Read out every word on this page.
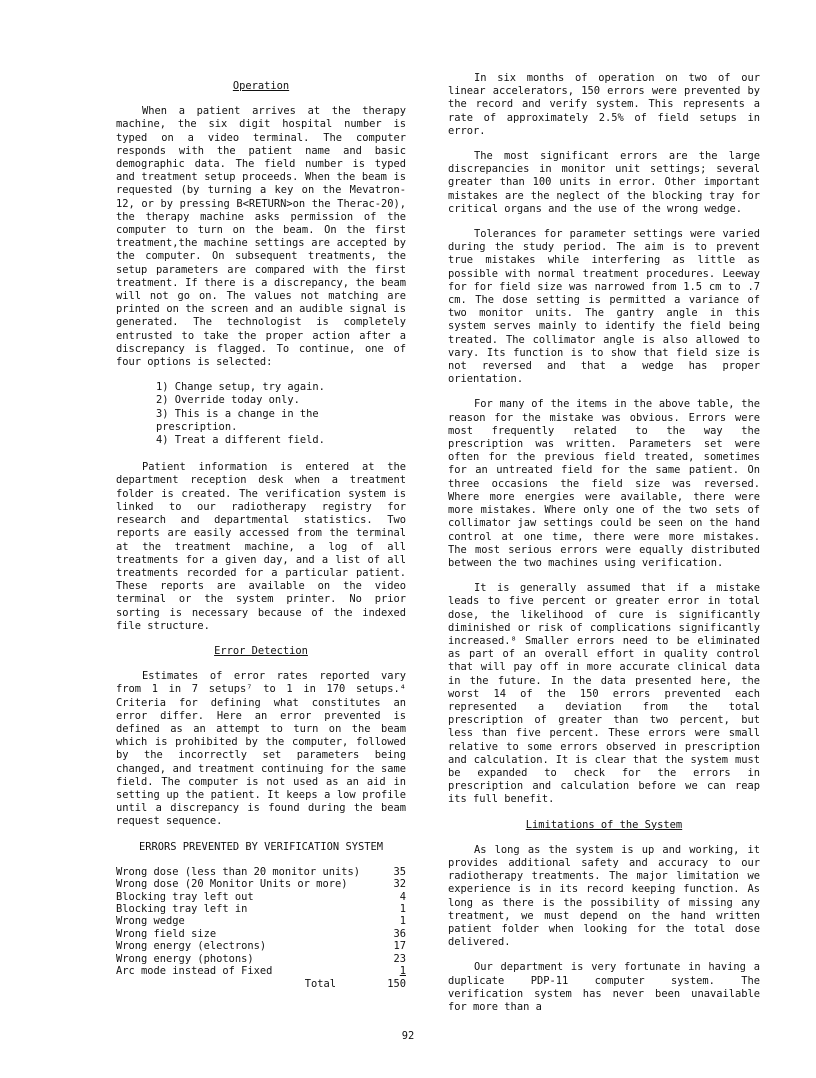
Operation

When a patient arrives at the therapy machine, the six digit hospital number is typed on a video terminal. The computer responds with the patient name and basic demographic data. The field number is typed and treatment setup proceeds. When the beam is requested (by turning a key on the Mevatron-12, or by pressing B<RETURN>on the Therac-20), the therapy machine asks permission of the computer to turn on the beam. On the first treatment,the machine settings are accepted by the computer. On subsequent treatments, the setup parameters are compared with the first treatment. If there is a discrepancy, the beam will not go on. The values not matching are printed on the screen and an audible signal is generated. The technologist is completely entrusted to take the proper action after a discrepancy is flagged. To continue, one of four options is selected:

1) Change setup, try again.
2) Override today only.
3) This is a change in the prescription.
4) Treat a different field.

Patient information is entered at the department reception desk when a treatment folder is created. The verification system is linked to our radiotherapy registry for research and departmental statistics. Two reports are easily accessed from the terminal at the treatment machine, a log of all treatments for a given day, and a list of all treatments recorded for a particular patient. These reports are available on the video terminal or the system printer. No prior sorting is necessary because of the indexed file structure.

Error Detection

Estimates of error rates reported vary from 1 in 7 setups⁷ to 1 in 170 setups.⁴ Criteria for defining what constitutes an error differ. Here an error prevented is defined as an attempt to turn on the beam which is prohibited by the computer, followed by the incorrectly set parameters being changed, and treatment continuing for the same field. The computer is not used as an aid in setting up the patient. It keeps a low profile until a discrepancy is found during the beam request sequence.

ERRORS PREVENTED BY VERIFICATION SYSTEM
Wrong dose (less than 20 monitor units)	35
Wrong dose (20 Monitor Units or more)	32
Blocking tray left out	4
Blocking tray left in	1
Wrong wedge	1
Wrong field size	36
Wrong energy (electrons)	17
Wrong energy (photons)	23
Arc mode instead of Fixed	1
Total	150

In six months of operation on two of our linear accelerators, 150 errors were prevented by the record and verify system. This represents a rate of approximately 2.5% of field setups in error.

The most significant errors are the large discrepancies in monitor unit settings; several greater than 100 units in error. Other important mistakes are the neglect of the blocking tray for critical organs and the use of the wrong wedge.

Tolerances for parameter settings were varied during the study period. The aim is to prevent true mistakes while interfering as little as possible with normal treatment procedures. Leeway for for field size was narrowed from 1.5 cm to .7 cm. The dose setting is permitted a variance of two monitor units. The gantry angle in this system serves mainly to identify the field being treated. The collimator angle is also allowed to vary. Its function is to show that field size is not reversed and that a wedge has proper orientation.

For many of the items in the above table, the reason for the mistake was obvious. Errors were most frequently related to the way the prescription was written. Parameters set were often for the previous field treated, sometimes for an untreated field for the same patient. On three occasions the field size was reversed. Where more energies were available, there were more mistakes. Where only one of the two sets of collimator jaw settings could be seen on the hand control at one time, there were more mistakes. The most serious errors were equally distributed between the two machines using verification.

It is generally assumed that if a mistake leads to five percent or greater error in total dose, the likelihood of cure is significantly diminished or risk of complications significantly increased.⁸ Smaller errors need to be eliminated as part of an overall effort in quality control that will pay off in more accurate clinical data in the future. In the data presented here, the worst 14 of the 150 errors prevented each represented a deviation from the total prescription of greater than two percent, but less than five percent. These errors were small relative to some errors observed in prescription and calculation. It is clear that the system must be expanded to check for the errors in prescription and calculation before we can reap its full benefit.

Limitations of the System

As long as the system is up and working, it provides additional safety and accuracy to our radiotherapy treatments. The major limitation we experience is in its record keeping function. As long as there is the possibility of missing any treatment, we must depend on the hand written patient folder when looking for the total dose delivered.

Our department is very fortunate in having a duplicate PDP-11 computer system. The verification system has never been unavailable for more than a

92
